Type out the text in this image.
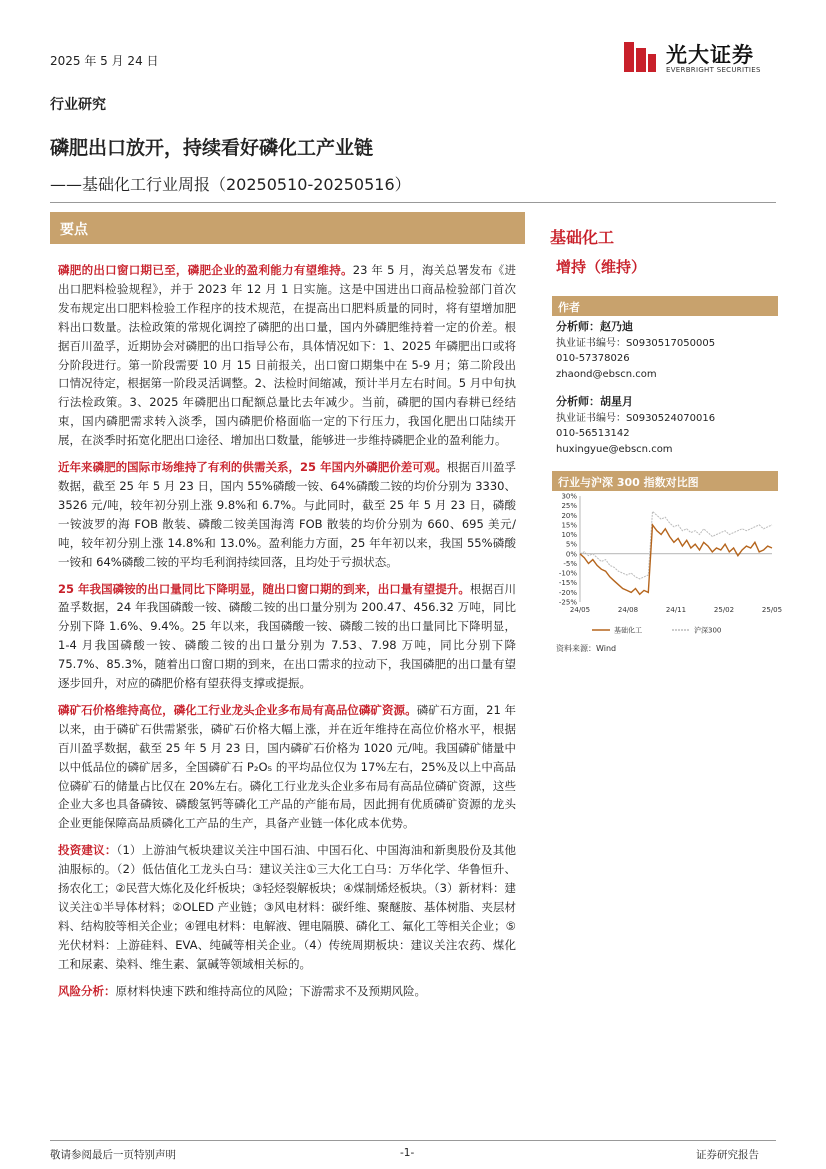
2025 年 5 月 24 日	光大证券
EVERBRIGHT SECURITIES
行业研究
磷肥出口放开，持续看好磷化工产业链
——基础化工行业周报（20250510-20250516）
要点

磷肥的出口窗口期已至，磷肥企业的盈利能力有望维持。23 年 5 月，海关总署发布《进出口肥料检验规程》，并于 2023 年 12 月 1 日实施。这是中国进出口商品检验部门首次发布规定出口肥料检验工作程序的技术规范，在提高出口肥料质量的同时，将有望增加肥料出口数量。法检政策的常规化调控了磷肥的出口量，国内外磷肥维持着一定的价差。根据百川盈孚，近期协会对磷肥的出口指导公布，具体情况如下：1、2025 年磷肥出口或将分阶段进行。第一阶段需要 10 月 15 日前报关，出口窗口期集中在 5-9 月；第二阶段出口情况待定，根据第一阶段灵活调整。2、法检时间缩减，预计半月左右时间。5 月中旬执行法检政策。3、2025 年磷肥出口配额总量比去年减少。当前，磷肥的国内春耕已经结束，国内磷肥需求转入淡季，国内磷肥价格面临一定的下行压力，我国化肥出口陆续开展，在淡季时拓宽化肥出口途径、增加出口数量，能够进一步维持磷肥企业的盈利能力。

近年来磷肥的国际市场维持了有利的供需关系，25 年国内外磷肥价差可观。根据百川盈孚数据，截至 25 年 5 月 23 日，国内 55%磷酸一铵、64%磷酸二铵的均价分别为 3330、3526 元/吨，较年初分别上涨 9.8%和 6.7%。与此同时，截至 25 年 5 月 23 日，磷酸一铵波罗的海 FOB 散装、磷酸二铵美国海湾 FOB 散装的均价分别为 660、695 美元/吨，较年初分别上涨 14.8%和 13.0%。盈利能力方面，25 年年初以来，我国 55%磷酸一铵和 64%磷酸二铵的平均毛利润持续回落，且均处于亏损状态。

25 年我国磷铵的出口量同比下降明显，随出口窗口期的到来，出口量有望提升。根据百川盈孚数据，24 年我国磷酸一铵、磷酸二铵的出口量分别为 200.47、456.32 万吨，同比分别下降 1.6%、9.4%。25 年以来，我国磷酸一铵、磷酸二铵的出口量同比下降明显，1-4 月我国磷酸一铵、磷酸二铵的出口量分别为 7.53、7.98 万吨，同比分别下降 75.7%、85.3%，随着出口窗口期的到来，在出口需求的拉动下，我国磷肥的出口量有望逐步回升，对应的磷肥价格有望获得支撑或提振。

磷矿石价格维持高位，磷化工行业龙头企业多布局有高品位磷矿资源。磷矿石方面，21 年以来，由于磷矿石供需紧张，磷矿石价格大幅上涨，并在近年维持在高位价格水平，根据百川盈孚数据，截至 25 年 5 月 23 日，国内磷矿石价格为 1020 元/吨。我国磷矿储量中以中低品位的磷矿居多，全国磷矿石 P₂O₅ 的平均品位仅为 17%左右，25%及以上中高品位磷矿石的储量占比仅在 20%左右。磷化工行业龙头企业多布局有高品位磷矿资源，这些企业大多也具备磷铵、磷酸氢钙等磷化工产品的产能布局，因此拥有优质磷矿资源的龙头企业更能保障高品质磷化工产品的生产，具备产业链一体化成本优势。

投资建议：（1）上游油气板块建议关注中国石油、中国石化、中国海油和新奥股份及其他油服标的。（2）低估值化工龙头白马：建议关注①三大化工白马：万华化学、华鲁恒升、扬农化工；②民营大炼化及化纤板块；③轻烃裂解板块；④煤制烯烃板块。（3）新材料：建议关注①半导体材料；②OLED 产业链；③风电材料：碳纤维、聚醚胺、基体树脂、夹层材料、结构胶等相关企业；④锂电材料：电解液、锂电隔膜、磷化工、氟化工等相关企业；⑤光伏材料：上游硅料、EVA、纯碱等相关企业。（4）传统周期板块：建议关注农药、煤化工和尿素、染料、维生素、氯碱等领域相关标的。

风险分析：原材料快速下跌和维持高位的风险；下游需求不及预期风险。

基础化工
增持（维持）
作者
分析师：赵乃迪
执业证书编号：S0930517050005
010-57378026
zhaond@ebscn.com
分析师：胡星月
执业证书编号：S0930524070016
010-56513142
huxingyue@ebscn.com
行业与沪深 300 指数对比图
30%
25%
20%
15%
10%
5%
0%
-5%
-10%
-15%
-20%
-25%
24/05	24/08	24/11	25/02	25/05
基础化工	沪深300
资料来源：Wind
敬请参阅最后一页特别声明	-1-	证券研究报告
